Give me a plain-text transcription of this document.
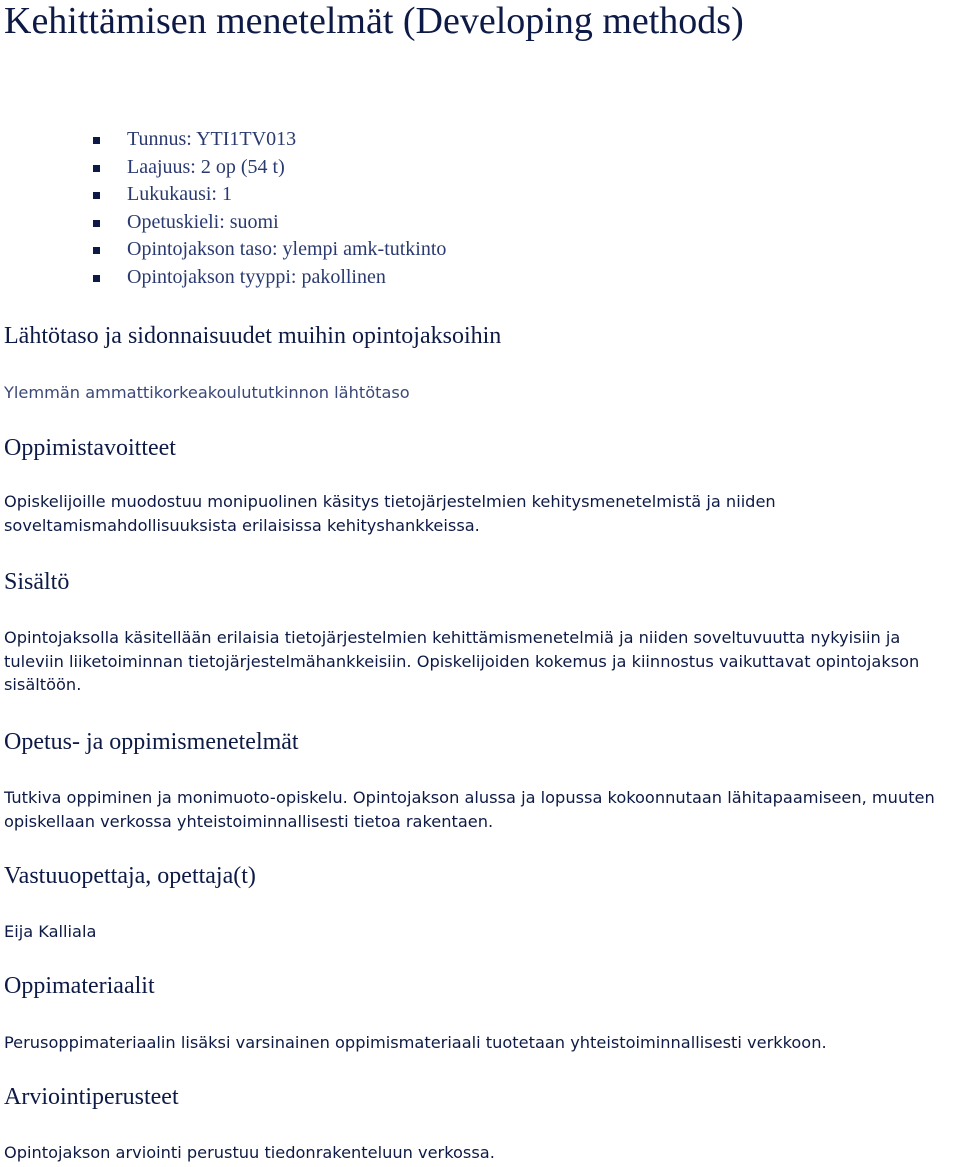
Kehittämisen menetelmät (Developing methods)
Tunnus: YTI1TV013
Laajuus: 2 op (54 t)
Lukukausi: 1
Opetuskieli: suomi
Opintojakson taso: ylempi amk-tutkinto
Opintojakson tyyppi: pakollinen
Lähtötaso ja sidonnaisuudet muihin opintojaksoihin

Ylemmän ammattikorkeakoulututkinnon lähtötaso

Oppimistavoitteet

Opiskelijoille muodostuu monipuolinen käsitys tietojärjestelmien kehitysmenetelmistä ja niiden soveltamismahdollisuuksista erilaisissa kehityshankkeissa.

Sisältö

Opintojaksolla käsitellään erilaisia tietojärjestelmien kehittämismenetelmiä ja niiden soveltuvuutta nykyisiin ja tuleviin liiketoiminnan tietojärjestelmähankkeisiin. Opiskelijoiden kokemus ja kiinnostus vaikuttavat opintojakson sisältöön.

Opetus- ja oppimismenetelmät

Tutkiva oppiminen ja monimuoto-opiskelu. Opintojakson alussa ja lopussa kokoonnutaan lähitapaamiseen, muuten opiskellaan verkossa yhteistoiminnallisesti tietoa rakentaen.

Vastuuopettaja, opettaja(t)

Eija Kalliala

Oppimateriaalit

Perusoppimateriaalin lisäksi varsinainen oppimismateriaali tuotetaan yhteistoiminnallisesti verkkoon.

Arviointiperusteet

Opintojakson arviointi perustuu tiedonrakenteluun verkossa.
